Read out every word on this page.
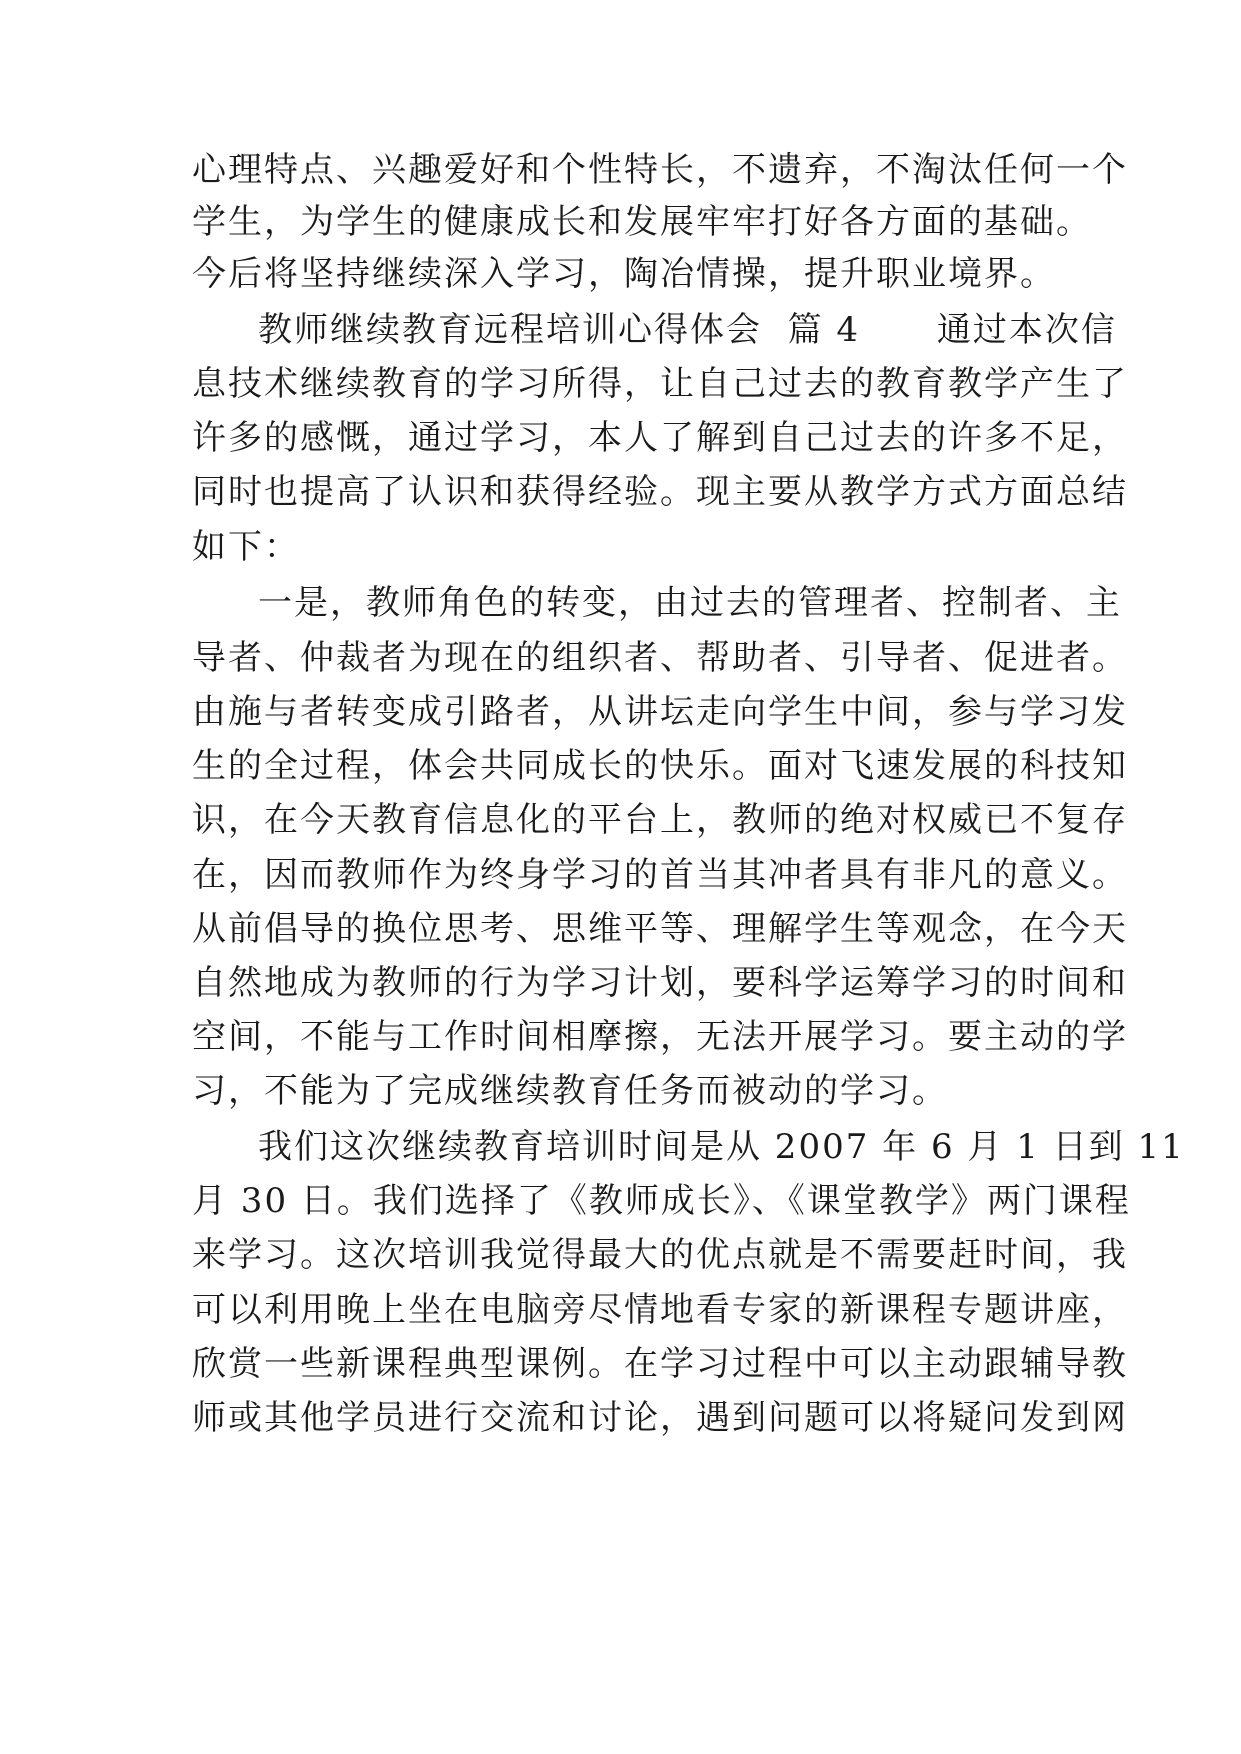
心理特点、兴趣爱好和个性特长，不遗弃，不淘汰任何一个
学生，为学生的健康成长和发展牢牢打好各方面的基础。
今后将坚持继续深入学习，陶冶情操，提升职业境界。
教师继续教育远程培训心得体会  篇 4      通过本次信
息技术继续教育的学习所得，让自己过去的教育教学产生了
许多的感慨，通过学习，本人了解到自己过去的许多不足，
同时也提高了认识和获得经验。现主要从教学方式方面总结
如下：
一是，教师角色的转变，由过去的管理者、控制者、主
导者、仲裁者为现在的组织者、帮助者、引导者、促进者。
由施与者转变成引路者，从讲坛走向学生中间，参与学习发
生的全过程，体会共同成长的快乐。面对飞速发展的科技知
识，在今天教育信息化的平台上，教师的绝对权威已不复存
在，因而教师作为终身学习的首当其冲者具有非凡的意义。
从前倡导的换位思考、思维平等、理解学生等观念，在今天
自然地成为教师的行为学习计划，要科学运筹学习的时间和
空间，不能与工作时间相摩擦，无法开展学习。要主动的学
习，不能为了完成继续教育任务而被动的学习。
我们这次继续教育培训时间是从 2007 年 6 月 1 日到 11
月 30 日。我们选择了《教师成长》、《课堂教学》两门课程
来学习。这次培训我觉得最大的优点就是不需要赶时间，我
可以利用晚上坐在电脑旁尽情地看专家的新课程专题讲座，
欣赏一些新课程典型课例。在学习过程中可以主动跟辅导教
师或其他学员进行交流和讨论，遇到问题可以将疑问发到网
